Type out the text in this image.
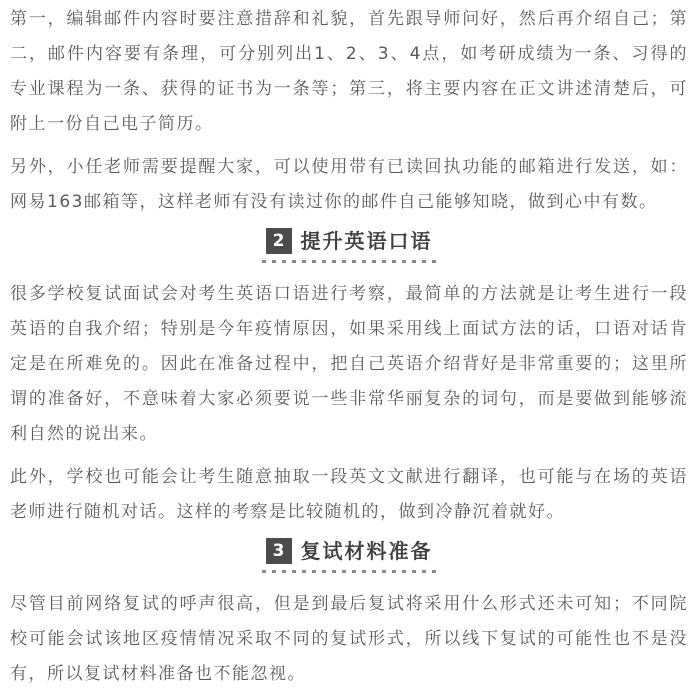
第一，编辑邮件内容时要注意措辞和礼貌，首先跟导师问好，然后再介绍自己；第二，邮件内容要有条理，可分别列出1、2、3、4点，如考研成绩为一条、习得的专业课程为一条、获得的证书为一条等；第三，将主要内容在正文讲述清楚后，可附上一份自己电子简历。

另外，小任老师需要提醒大家，可以使用带有已读回执功能的邮箱进行发送，如：网易163邮箱等，这样老师有没有读过你的邮件自己能够知晓，做到心中有数。

2 提升英语口语

很多学校复试面试会对考生英语口语进行考察，最简单的方法就是让考生进行一段英语的自我介绍；特别是今年疫情原因，如果采用线上面试方法的话，口语对话肯定是在所难免的。因此在准备过程中，把自己英语介绍背好是非常重要的；这里所谓的准备好，不意味着大家必须要说一些非常华丽复杂的词句，而是要做到能够流利自然的说出来。

此外，学校也可能会让考生随意抽取一段英文文献进行翻译，也可能与在场的英语老师进行随机对话。这样的考察是比较随机的，做到冷静沉着就好。

3 复试材料准备

尽管目前网络复试的呼声很高，但是到最后复试将采用什么形式还未可知；不同院校可能会试该地区疫情情况采取不同的复试形式，所以线下复试的可能性也不是没有，所以复试材料准备也不能忽视。
